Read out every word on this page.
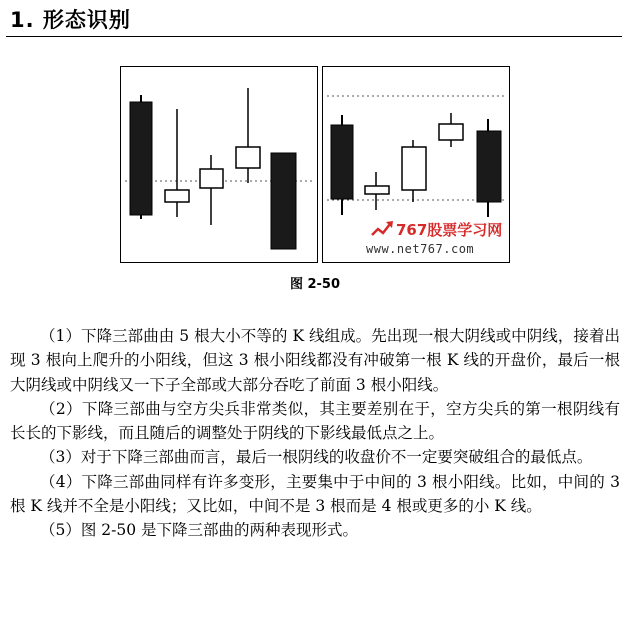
1. 形态识别
767股票学习网
www.net767.com
图 2-50

（1）下降三部曲由 5 根大小不等的 K 线组成。先出现一根大阴线或中阴线，接着出现 3 根向上爬升的小阳线，但这 3 根小阳线都没有冲破第一根 K 线的开盘价，最后一根大阴线或中阴线又一下子全部或大部分吞吃了前面 3 根小阳线。

（2）下降三部曲与空方尖兵非常类似，其主要差别在于，空方尖兵的第一根阴线有长长的下影线，而且随后的调整处于阴线的下影线最低点之上。

（3）对于下降三部曲而言，最后一根阴线的收盘价不一定要突破组合的最低点。

（4）下降三部曲同样有许多变形，主要集中于中间的 3 根小阳线。比如，中间的 3 根 K 线并不全是小阳线；又比如，中间不是 3 根而是 4 根或更多的小 K 线。

（5）图 2-50 是下降三部曲的两种表现形式。
